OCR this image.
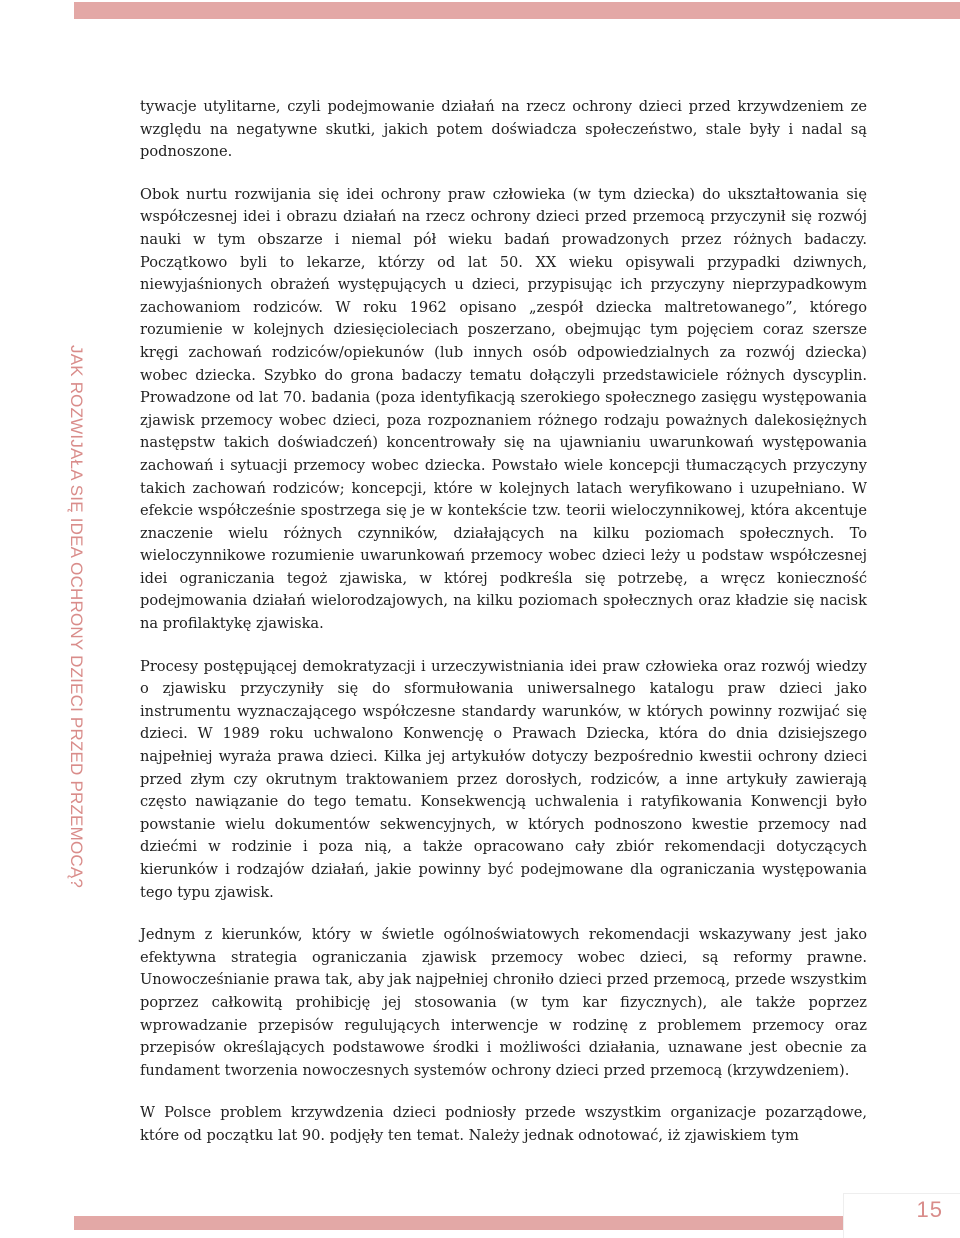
JAK ROZWIJAŁA SIĘ IDEA OCHRONY DZIECI PRZED PRZEMOCĄ?

tywacje utylitarne, czyli podejmowanie działań na rzecz ochrony dzieci przed krzywdzeniem ze względu na negatywne skutki, jakich potem doświadcza społeczeństwo, stale były i nadal są podnoszone.

Obok nurtu rozwijania się idei ochrony praw człowieka (w tym dziecka) do ukształtowania się współczesnej idei i obrazu działań na rzecz ochrony dzieci przed przemocą przyczynił się rozwój nauki w tym obszarze i niemal pół wieku badań prowadzonych przez różnych badaczy. Początkowo byli to lekarze, którzy od lat 50. XX wieku opisywali przypadki dziwnych, niewyjaśnionych obrażeń występujących u dzieci, przypisując ich przyczyny nieprzypadkowym zachowaniom rodziców. W roku 1962 opisano „zespół dziecka maltretowanego”, którego rozumienie w kolejnych dziesięcioleciach poszerzano, obejmując tym pojęciem coraz szersze kręgi zachowań rodziców/opiekunów (lub innych osób odpowiedzialnych za rozwój dziecka) wobec dziecka. Szybko do grona badaczy tematu dołączyli przedstawiciele różnych dyscyplin. Prowadzone od lat 70. badania (poza identyfikacją szerokiego społecznego zasięgu występowania zjawisk przemocy wobec dzieci, poza rozpoznaniem różnego rodzaju poważnych dalekosiężnych następstw takich doświadczeń) koncentrowały się na ujawnianiu uwarunkowań występowania zachowań i sytuacji przemocy wobec dziecka. Powstało wiele koncepcji tłumaczących przyczyny takich zachowań rodziców; koncepcji, które w kolejnych latach weryfikowano i uzupełniano. W efekcie współcześnie spostrzega się je w kontekście tzw. teorii wieloczynnikowej, która akcentuje znaczenie wielu różnych czynników, działających na kilku poziomach społecznych. To wieloczynnikowe rozumienie uwarunkowań przemocy wobec dzieci leży u podstaw współczesnej idei ograniczania tegoż zjawiska, w której podkreśla się potrzebę, a wręcz konieczność podejmowania działań wielorodzajowych, na kilku poziomach społecznych oraz kładzie się nacisk na profilaktykę zjawiska.

Procesy postępującej demokratyzacji i urzeczywistniania idei praw człowieka oraz rozwój wiedzy o zjawisku przyczyniły się do sformułowania uniwersalnego katalogu praw dzieci jako instrumentu wyznaczającego współczesne standardy warunków, w których powinny rozwijać się dzieci. W 1989 roku uchwalono Konwencję o Prawach Dziecka, która do dnia dzisiejszego najpełniej wyraża prawa dzieci. Kilka jej artykułów dotyczy bezpośrednio kwestii ochrony dzieci przed złym czy okrutnym traktowaniem przez dorosłych, rodziców, a inne artykuły zawierają często nawiązanie do tego tematu. Konsekwencją uchwalenia i ratyfikowania Konwencji było powstanie wielu dokumentów sekwencyjnych, w których podnoszono kwestie przemocy nad dziećmi w rodzinie i poza nią, a także opracowano cały zbiór rekomendacji dotyczących kierunków i rodzajów działań, jakie powinny być podejmowane dla ograniczania występowania tego typu zjawisk.

Jednym z kierunków, który w świetle ogólnoświatowych rekomendacji wskazywany jest jako efektywna strategia ograniczania zjawisk przemocy wobec dzieci, są reformy prawne. Unowocześnianie prawa tak, aby jak najpełniej chroniło dzieci przed przemocą, przede wszystkim poprzez całkowitą prohibicję jej stosowania (w tym kar fizycznych), ale także poprzez wprowadzanie przepisów regulujących interwencje w rodzinę z problemem przemocy oraz przepisów określających podstawowe środki i możliwości działania, uznawane jest obecnie za fundament tworzenia nowoczesnych systemów ochrony dzieci przed przemocą (krzywdzeniem).

W Polsce problem krzywdzenia dzieci podniosły przede wszystkim organizacje pozarządowe, które od początku lat 90. podjęły ten temat. Należy jednak odnotować, iż zjawiskiem tym

15
